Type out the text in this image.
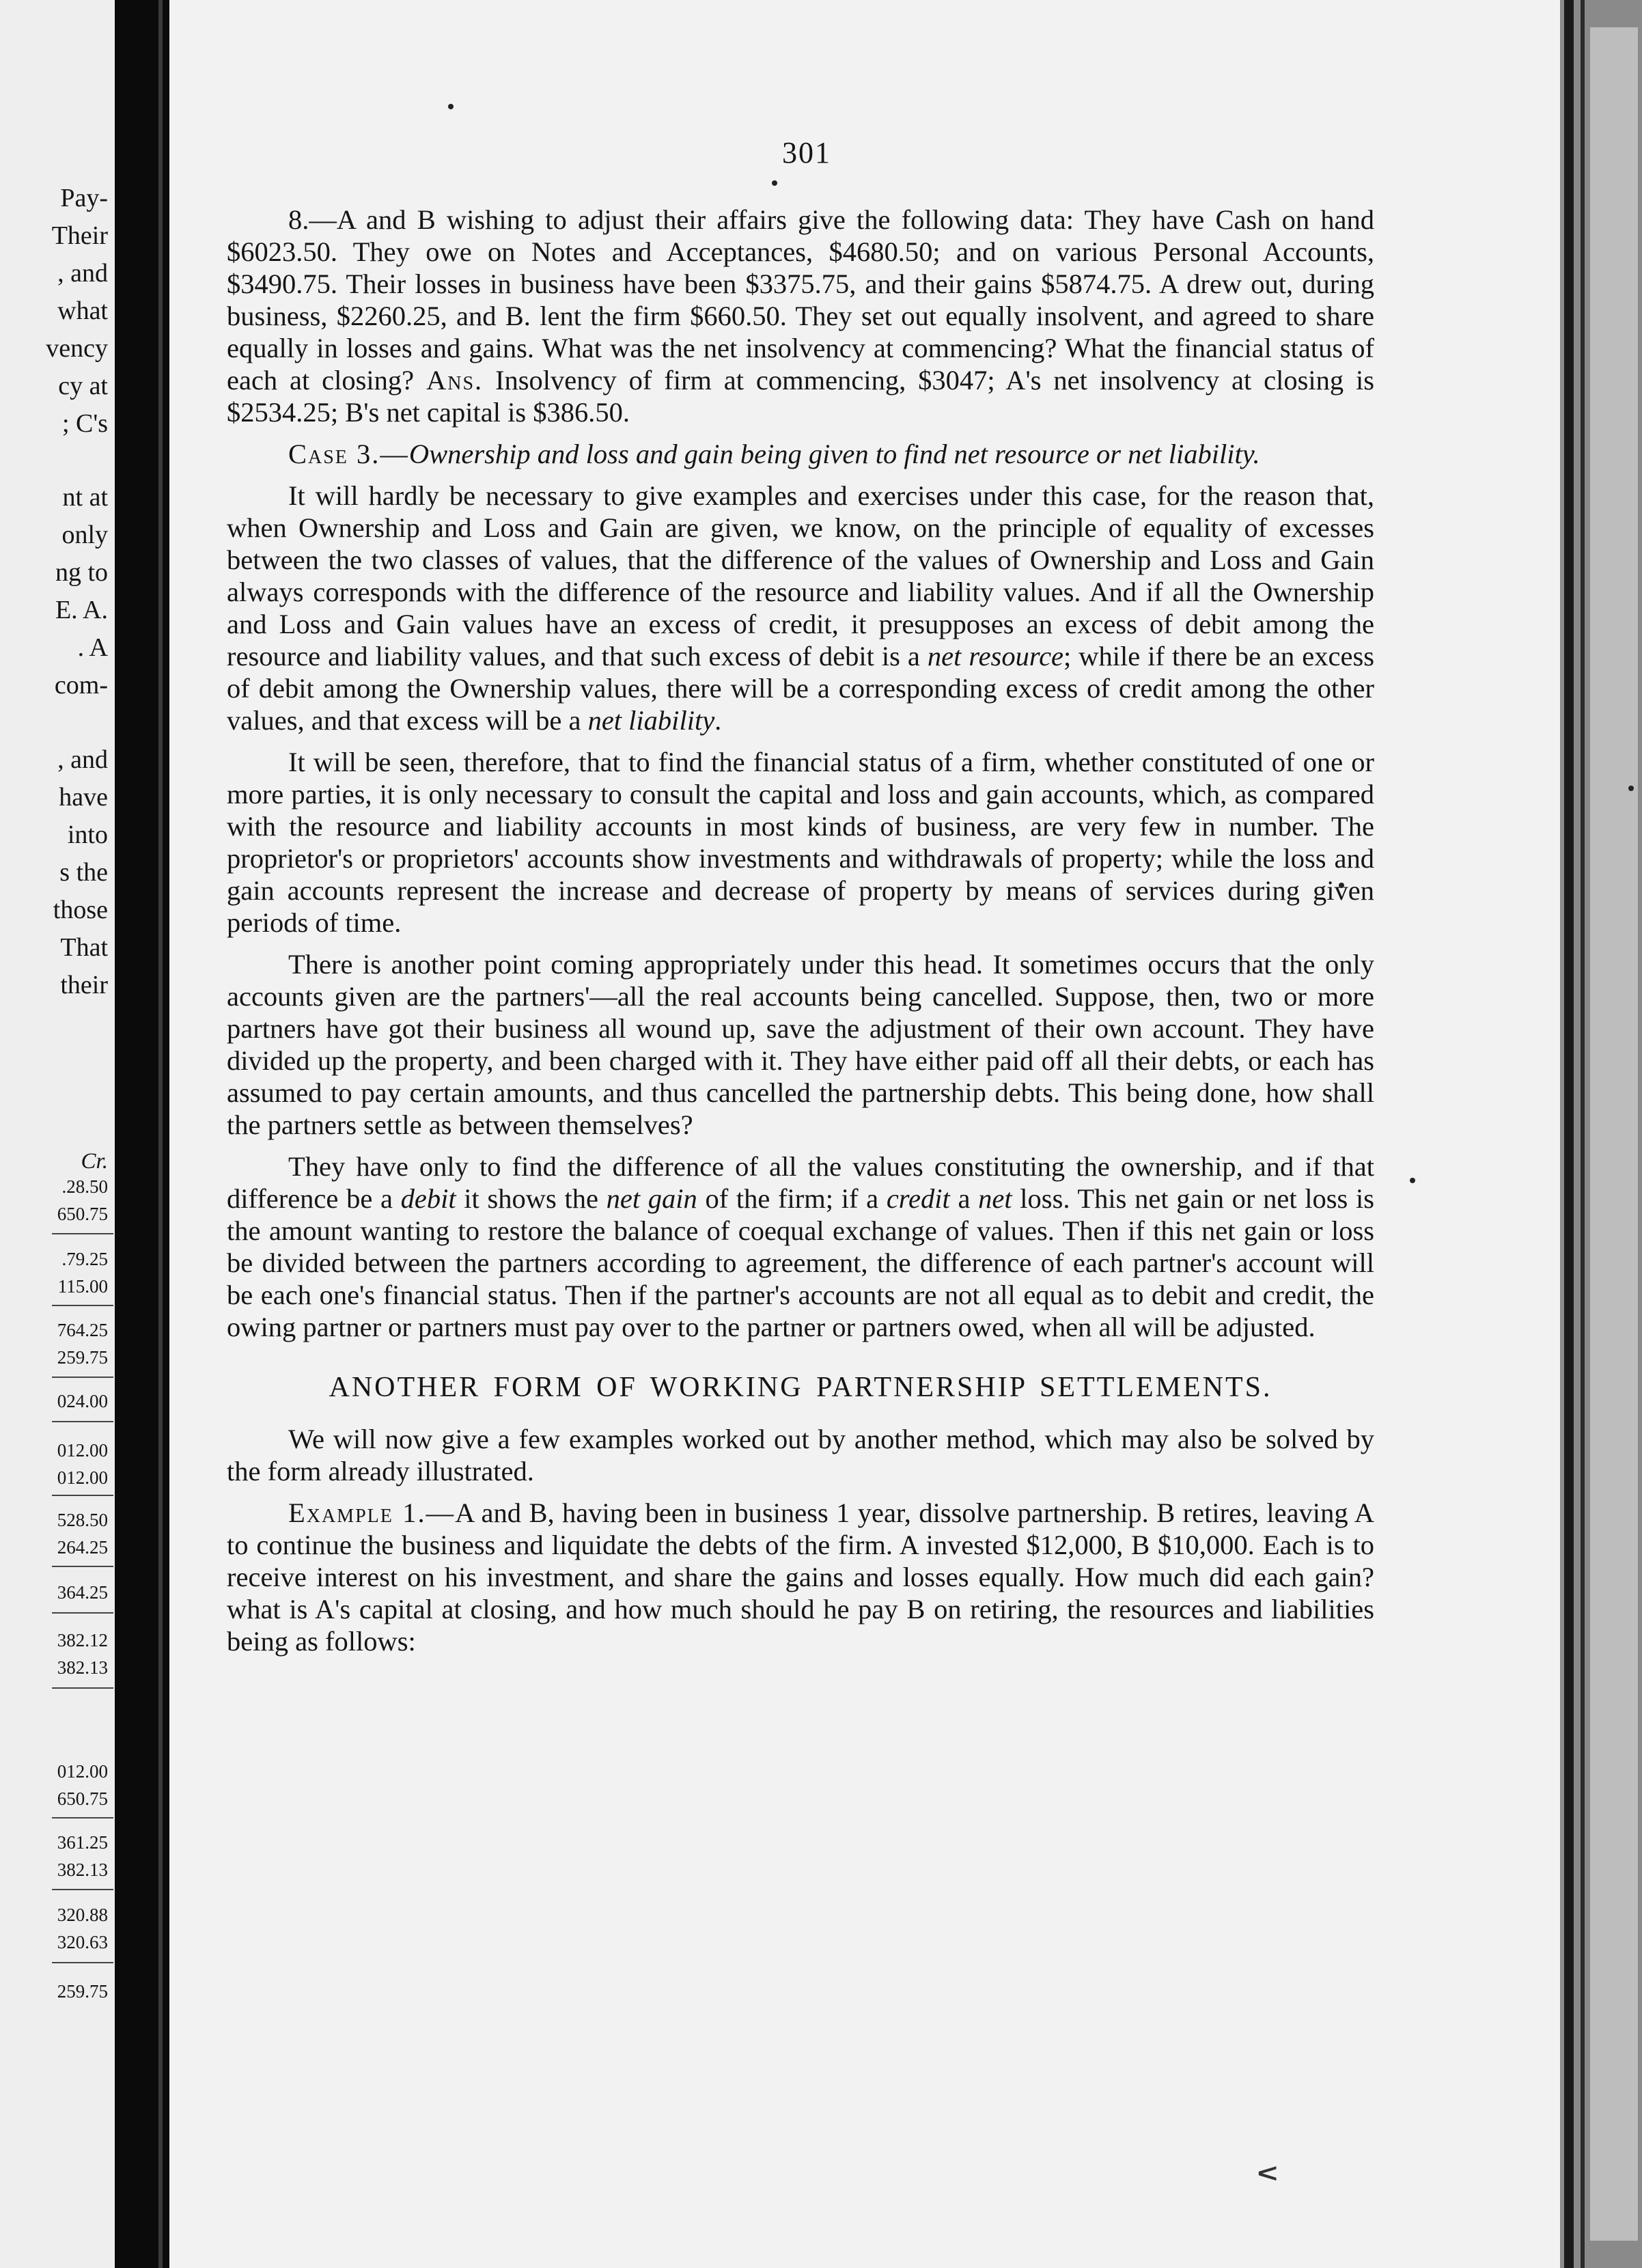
Pay-
Their
, and
what
vency
cy at
; C's
nt at
only
ng to
E. A.
. A
com-
, and
have
into
s the
those
That
their
Cr.
.28.50
650.75
.79.25
115.00
764.25
259.75
024.00
012.00
012.00
528.50
264.25
364.25
382.12
382.13
012.00
650.75
361.25
382.13
320.88
320.63
259.75
301

8.—A and B wishing to adjust their affairs give the following data: They have Cash on hand $6023.50. They owe on Notes and Acceptances, $4680.50; and on various Personal Accounts, $3490.75. Their losses in business have been $3375.75, and their gains $5874.75. A drew out, during business, $2260.25, and B. lent the firm $660.50. They set out equally insolvent, and agreed to share equally in losses and gains. What was the net insolvency at commencing? What the financial status of each at closing? Ans. Insolvency of firm at commencing, $3047; A's net insolvency at closing is $2534.25; B's net capital is $386.50.

Case 3.—Ownership and loss and gain being given to find net resource or net liability.

It will hardly be necessary to give examples and exercises under this case, for the reason that, when Ownership and Loss and Gain are given, we know, on the principle of equality of excesses between the two classes of values, that the difference of the values of Ownership and Loss and Gain always corresponds with the difference of the resource and liability values. And if all the Ownership and Loss and Gain values have an excess of credit, it presupposes an excess of debit among the resource and liability values, and that such excess of debit is a net resource; while if there be an excess of debit among the Ownership values, there will be a corresponding excess of credit among the other values, and that excess will be a net liability.

It will be seen, therefore, that to find the financial status of a firm, whether constituted of one or more parties, it is only necessary to consult the capital and loss and gain accounts, which, as compared with the resource and liability accounts in most kinds of business, are very few in number. The proprietor's or proprietors' accounts show investments and withdrawals of property; while the loss and gain accounts represent the increase and decrease of property by means of services during given periods of time.

There is another point coming appropriately under this head. It sometimes occurs that the only accounts given are the partners'—all the real accounts being cancelled. Suppose, then, two or more partners have got their business all wound up, save the adjustment of their own account. They have divided up the property, and been charged with it. They have either paid off all their debts, or each has assumed to pay certain amounts, and thus cancelled the partnership debts. This being done, how shall the partners settle as between themselves?

They have only to find the difference of all the values constituting the ownership, and if that difference be a debit it shows the net gain of the firm; if a credit a net loss. This net gain or net loss is the amount wanting to restore the balance of coequal exchange of values. Then if this net gain or loss be divided between the partners according to agreement, the difference of each partner's account will be each one's financial status. Then if the partner's accounts are not all equal as to debit and credit, the owing partner or partners must pay over to the partner or partners owed, when all will be adjusted.

ANOTHER FORM OF WORKING PARTNERSHIP SETTLEMENTS.

We will now give a few examples worked out by another method, which may also be solved by the form already illustrated.

Example 1.—A and B, having been in business 1 year, dissolve partnership. B retires, leaving A to continue the business and liquidate the debts of the firm. A invested $12,000, B $10,000. Each is to receive interest on his investment, and share the gains and losses equally. How much did each gain? what is A's capital at closing, and how much should he pay B on retiring, the resources and liabilities being as follows:

∧
